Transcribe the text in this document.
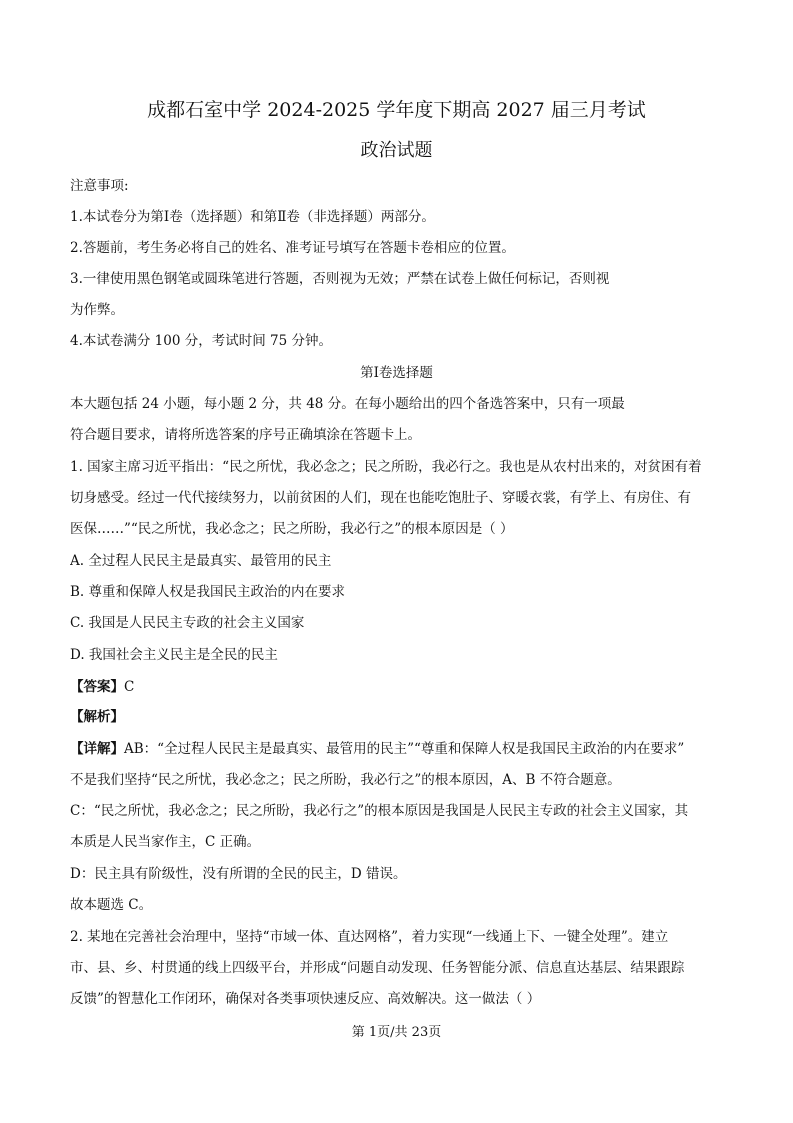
成都石室中学 2024-2025 学年度下期高 2027 届三月考试
政治试题
注意事项:
1.本试卷分为第Ⅰ卷（选择题）和第Ⅱ卷（非选择题）两部分。
2.答题前，考生务必将自己的姓名、准考证号填写在答题卡卷相应的位置。
3.一律使用黑色钢笔或圆珠笔进行答题，否则视为无效；严禁在试卷上做任何标记，否则视
为作弊。
4.本试卷满分 100 分，考试时间 75 分钟。
第Ⅰ卷选择题
本大题包括 24 小题，每小题 2 分，共 48 分。在每小题给出的四个备选答案中，只有一项最
符合题目要求，请将所选答案的序号正确填涂在答题卡上。
1. 国家主席习近平指出：“民之所忧，我必念之；民之所盼，我必行之。我也是从农村出来的，对贫困有着
切身感受。经过一代代接续努力，以前贫困的人们，现在也能吃饱肚子、穿暖衣裳，有学上、有房住、有
医保……”“民之所忧，我必念之；民之所盼，我必行之”的根本原因是（ ）
A. 全过程人民民主是最真实、最管用的民主
B. 尊重和保障人权是我国民主政治的内在要求
C. 我国是人民民主专政的社会主义国家
D. 我国社会主义民主是全民的民主
【答案】C
【解析】
【详解】AB：“全过程人民民主是最真实、最管用的民主”“尊重和保障人权是我国民主政治的内在要求”
不是我们坚持“民之所忧，我必念之；民之所盼，我必行之”的根本原因，A、B 不符合题意。
C：“民之所忧，我必念之；民之所盼，我必行之”的根本原因是我国是人民民主专政的社会主义国家，其
本质是人民当家作主，C 正确。
D：民主具有阶级性，没有所谓的全民的民主，D 错误。
故本题选 C。
2. 某地在完善社会治理中，坚持“市域一体、直达网格”，着力实现“一线通上下、一键全处理”。建立
市、县、乡、村贯通的线上四级平台，并形成“问题自动发现、任务智能分派、信息直达基层、结果跟踪
反馈”的智慧化工作闭环，确保对各类事项快速反应、高效解决。这一做法（ ）
第 1页/共 23页
